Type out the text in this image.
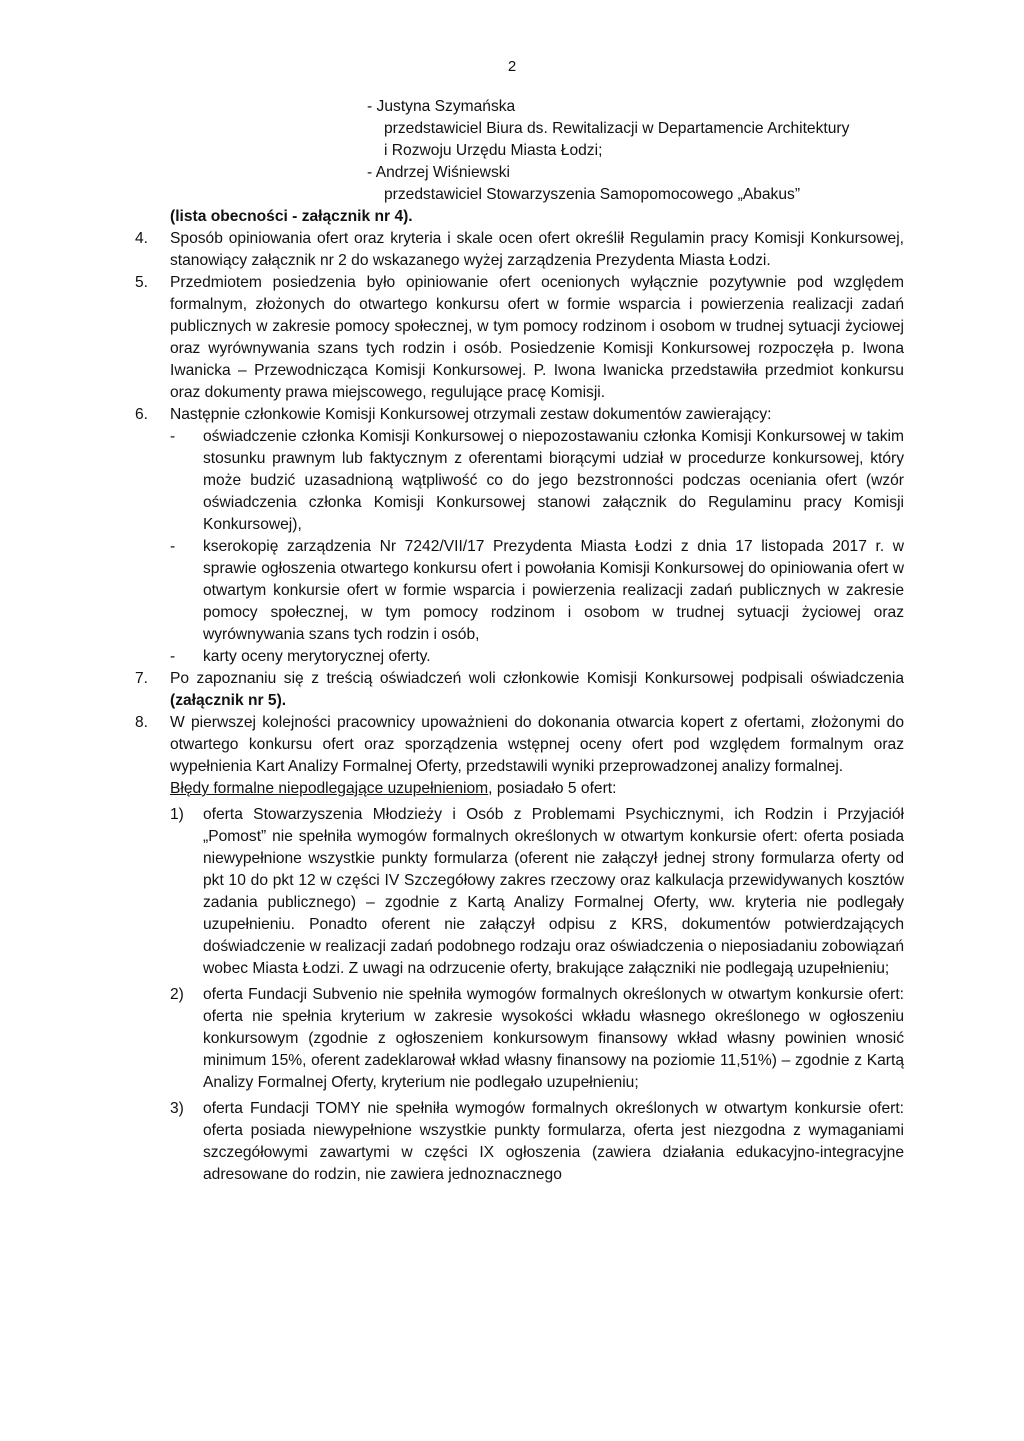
2
- Justyna Szymańska
przedstawiciel Biura ds. Rewitalizacji w Departamencie Architektury
i Rozwoju Urzędu Miasta Łodzi;
- Andrzej Wiśniewski
przedstawiciel Stowarzyszenia Samopomocowego „Abakus”
(lista obecności - załącznik nr 4).
4. Sposób opiniowania ofert oraz kryteria i skale ocen ofert określił Regulamin pracy Komisji Konkursowej, stanowiący załącznik nr 2 do wskazanego wyżej zarządzenia Prezydenta Miasta Łodzi.

5. Przedmiotem posiedzenia było opiniowanie ofert ocenionych wyłącznie pozytywnie pod względem formalnym, złożonych do otwartego konkursu ofert w formie wsparcia i powierzenia realizacji zadań publicznych w zakresie pomocy społecznej, w tym pomocy rodzinom i osobom w trudnej sytuacji życiowej oraz wyrównywania szans tych rodzin i osób. Posiedzenie Komisji Konkursowej rozpoczęła p. Iwona Iwanicka – Przewodnicząca Komisji Konkursowej. P. Iwona Iwanicka przedstawiła przedmiot konkursu oraz dokumenty prawa miejscowego, regulujące pracę Komisji.

6. Następnie członkowie Komisji Konkursowej otrzymali zestaw dokumentów zawierający:

- oświadczenie członka Komisji Konkursowej o niepozostawaniu członka Komisji Konkursowej w takim stosunku prawnym lub faktycznym z oferentami biorącymi udział w procedurze konkursowej, który może budzić uzasadnioną wątpliwość co do jego bezstronności podczas oceniania ofert (wzór oświadczenia członka Komisji Konkursowej stanowi załącznik do Regulaminu pracy Komisji Konkursowej),
- kserokopię zarządzenia Nr 7242/VII/17 Prezydenta Miasta Łodzi z dnia 17 listopada 2017 r. w sprawie ogłoszenia otwartego konkursu ofert i powołania Komisji Konkursowej do opiniowania ofert w otwartym konkursie ofert w formie wsparcia i powierzenia realizacji zadań publicznych w zakresie pomocy społecznej, w tym pomocy rodzinom i osobom w trudnej sytuacji życiowej oraz wyrównywania szans tych rodzin i osób,
- karty oceny merytorycznej oferty.
7. Po zapoznaniu się z treścią oświadczeń woli członkowie Komisji Konkursowej podpisali oświadczenia (załącznik nr 5).

8. W pierwszej kolejności pracownicy upoważnieni do dokonania otwarcia kopert z ofertami, złożonymi do otwartego konkursu ofert oraz sporządzenia wstępnej oceny ofert pod względem formalnym oraz wypełnienia Kart Analizy Formalnej Oferty, przedstawili wyniki przeprowadzonej analizy formalnej.

Błędy formalne niepodlegające uzupełnieniom, posiadało 5 ofert:

1) oferta Stowarzyszenia Młodzieży i Osób z Problemami Psychicznymi, ich Rodzin i Przyjaciół „Pomost” nie spełniła wymogów formalnych określonych w otwartym konkursie ofert: oferta posiada niewypełnione wszystkie punkty formularza (oferent nie załączył jednej strony formularza oferty od pkt 10 do pkt 12 w części IV Szczegółowy zakres rzeczowy oraz kalkulacja przewidywanych kosztów zadania publicznego) – zgodnie z Kartą Analizy Formalnej Oferty, ww. kryteria nie podlegały uzupełnieniu. Ponadto oferent nie załączył odpisu z KRS, dokumentów potwierdzających doświadczenie w realizacji zadań podobnego rodzaju oraz oświadczenia o nieposiadaniu zobowiązań wobec Miasta Łodzi. Z uwagi na odrzucenie oferty, brakujące załączniki nie podlegają uzupełnieniu;
2) oferta Fundacji Subvenio nie spełniła wymogów formalnych określonych w otwartym konkursie ofert: oferta nie spełnia kryterium w zakresie wysokości wkładu własnego określonego w ogłoszeniu konkursowym (zgodnie z ogłoszeniem konkursowym finansowy wkład własny powinien wnosić minimum 15%, oferent zadeklarował wkład własny finansowy na poziomie 11,51%) – zgodnie z Kartą Analizy Formalnej Oferty, kryterium nie podlegało uzupełnieniu;
3) oferta Fundacji TOMY nie spełniła wymogów formalnych określonych w otwartym konkursie ofert: oferta posiada niewypełnione wszystkie punkty formularza, oferta jest niezgodna z wymaganiami szczegółowymi zawartymi w części IX ogłoszenia (zawiera działania edukacyjno-integracyjne adresowane do rodzin, nie zawiera jednoznacznego
